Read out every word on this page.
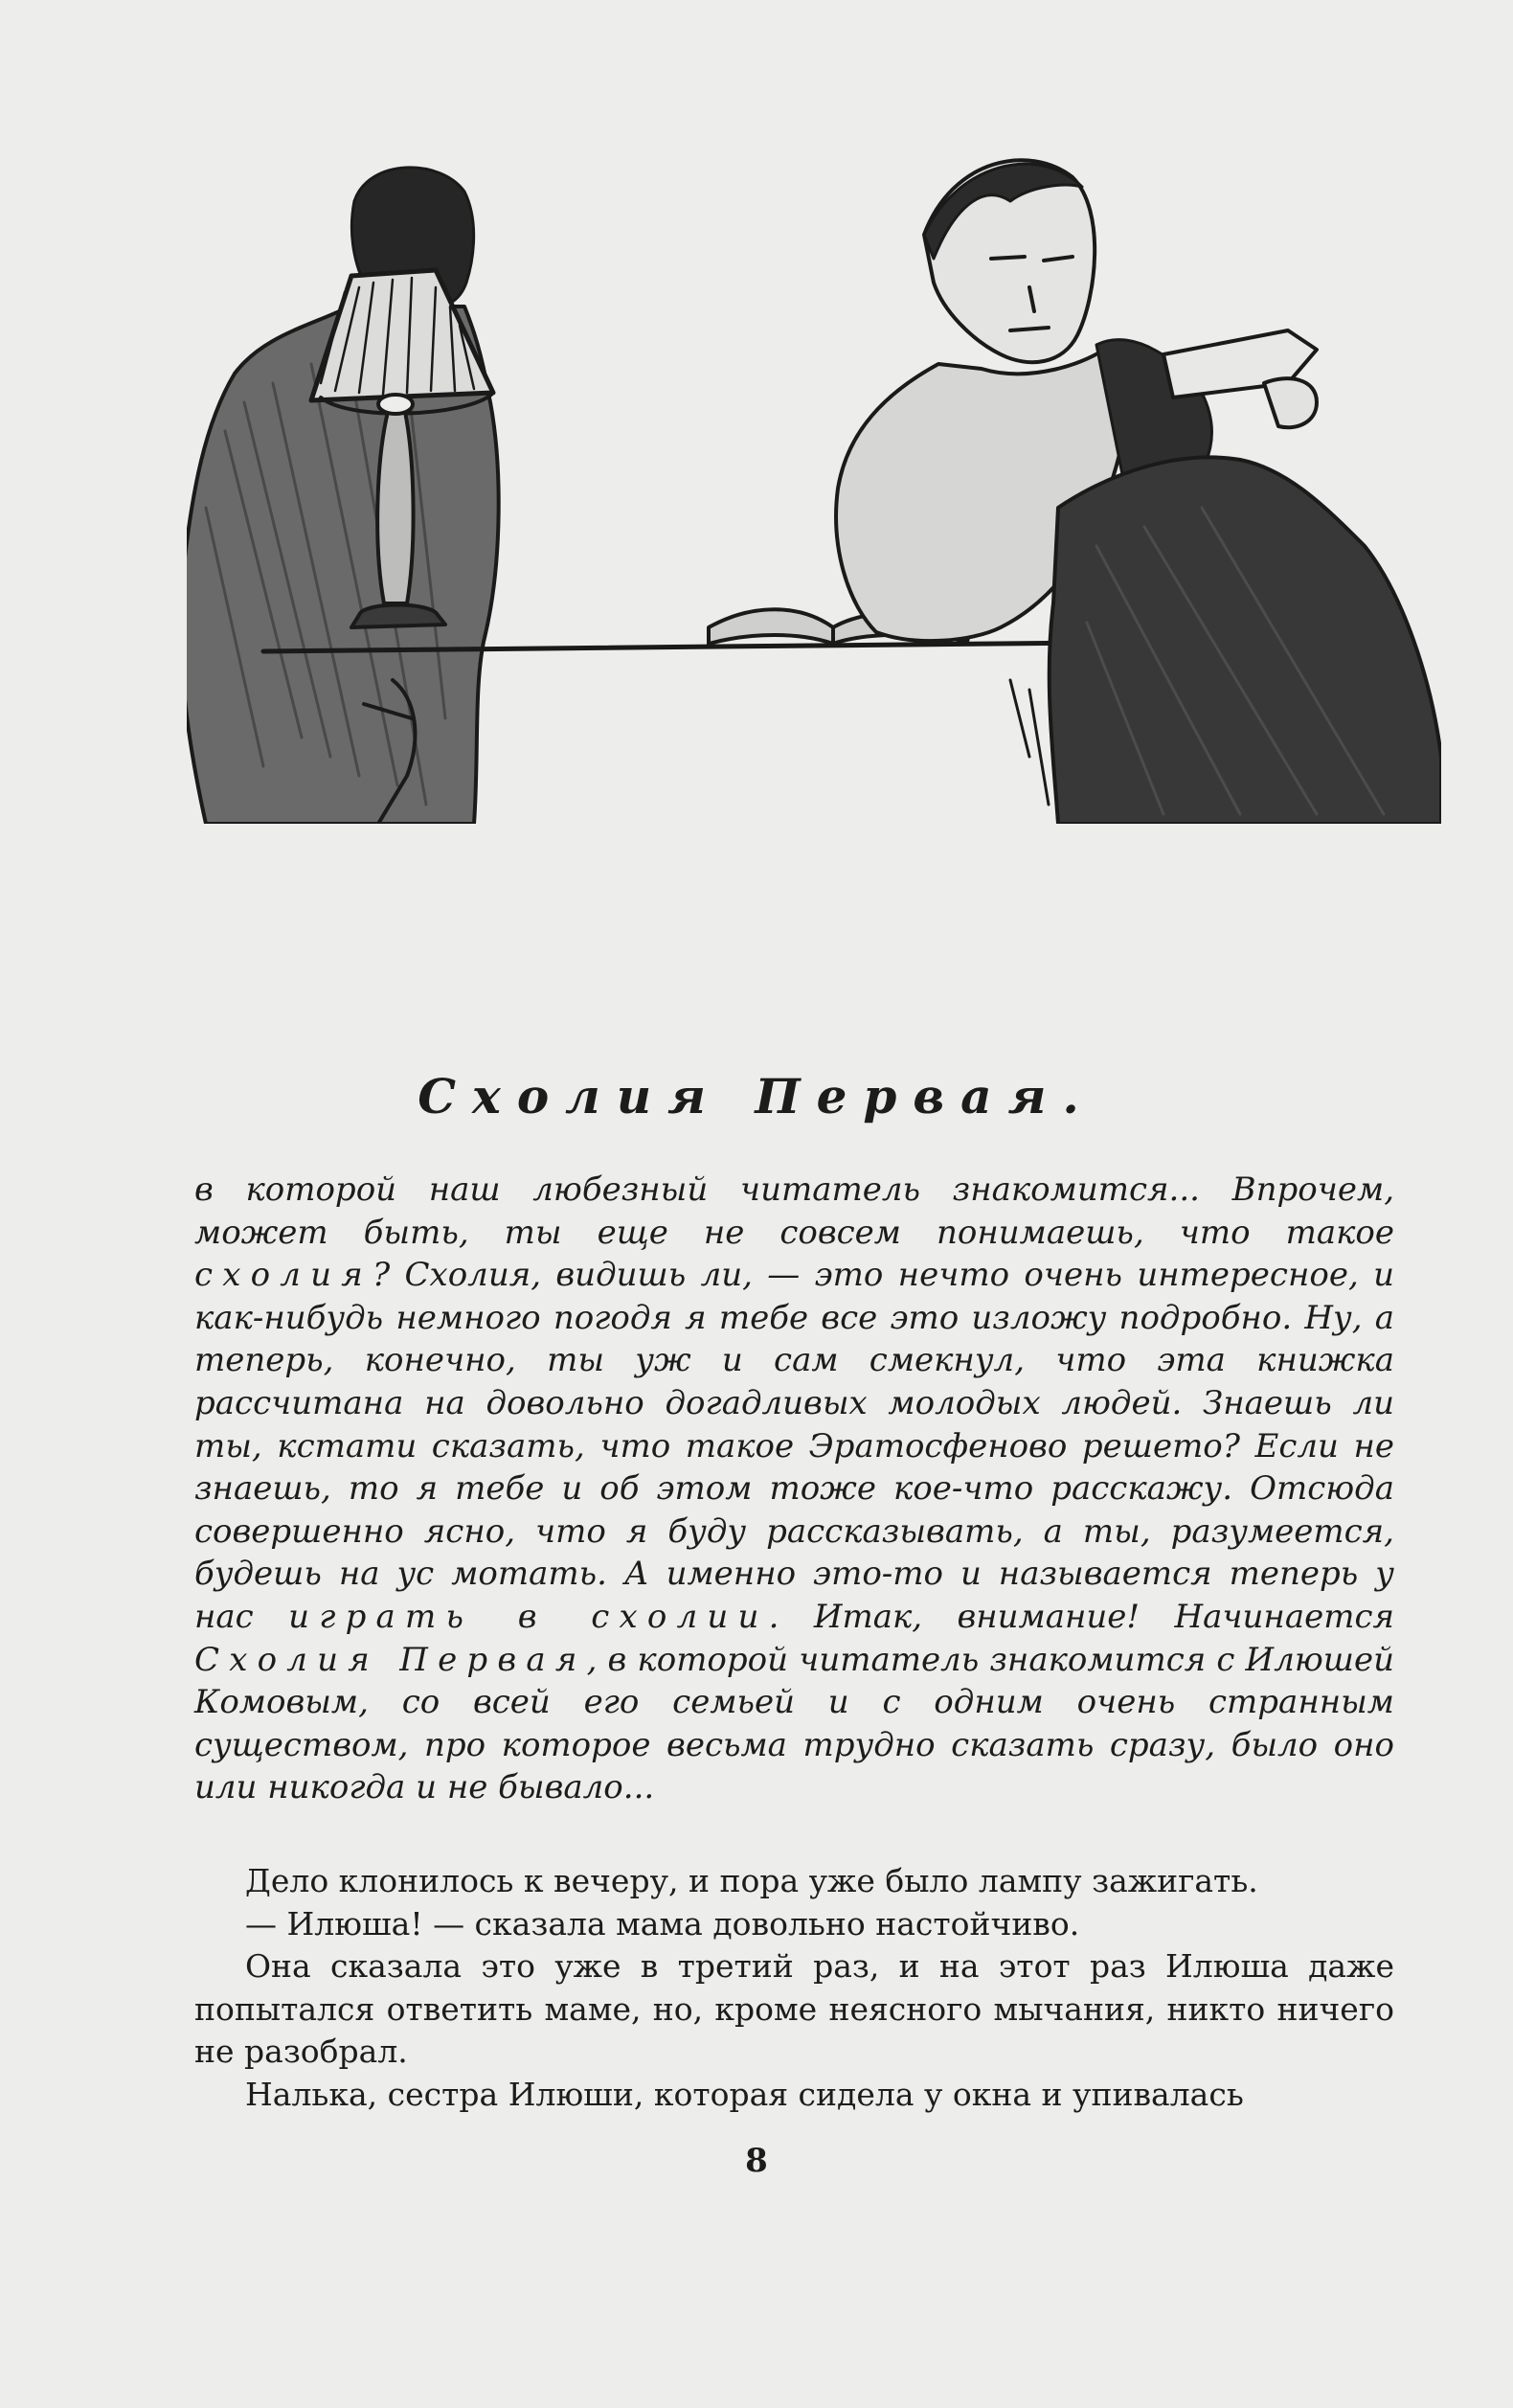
Схолия Первая.

в которой наш любезный читатель знакомится... Впрочем, может быть, ты еще не совсем понимаешь, что такое схолия? Схолия, видишь ли, — это нечто очень интересное, и как-нибудь немного погодя я тебе все это изложу подробно. Ну, а теперь, конечно, ты уж и сам смекнул, что эта книжка рассчитана на довольно догадливых молодых людей. Знаешь ли ты, кстати сказать, что такое Эратосфеново решето? Если не знаешь, то я тебе и об этом тоже кое-что расскажу. Отсюда совершенно ясно, что я буду рассказывать, а ты, разумеется, будешь на ус мотать. А именно это-то и называется теперь у нас играть в схолии. Итак, внимание! Начинается Схолия Первая, в которой читатель знакомится с Илюшей Комовым, со всей его семьей и с одним очень странным существом, про которое весьма трудно сказать сразу, было оно или никогда и не бывало...

Дело клонилось к вечеру, и пора уже было лампу зажигать.

— Илюша! — сказала мама довольно настойчиво.

Она сказала это уже в третий раз, и на этот раз Илюша даже попытался ответить маме, но, кроме неясного мычания, никто ничего не разобрал.

Налька, сестра Илюши, которая сидела у окна и упивалась

8
